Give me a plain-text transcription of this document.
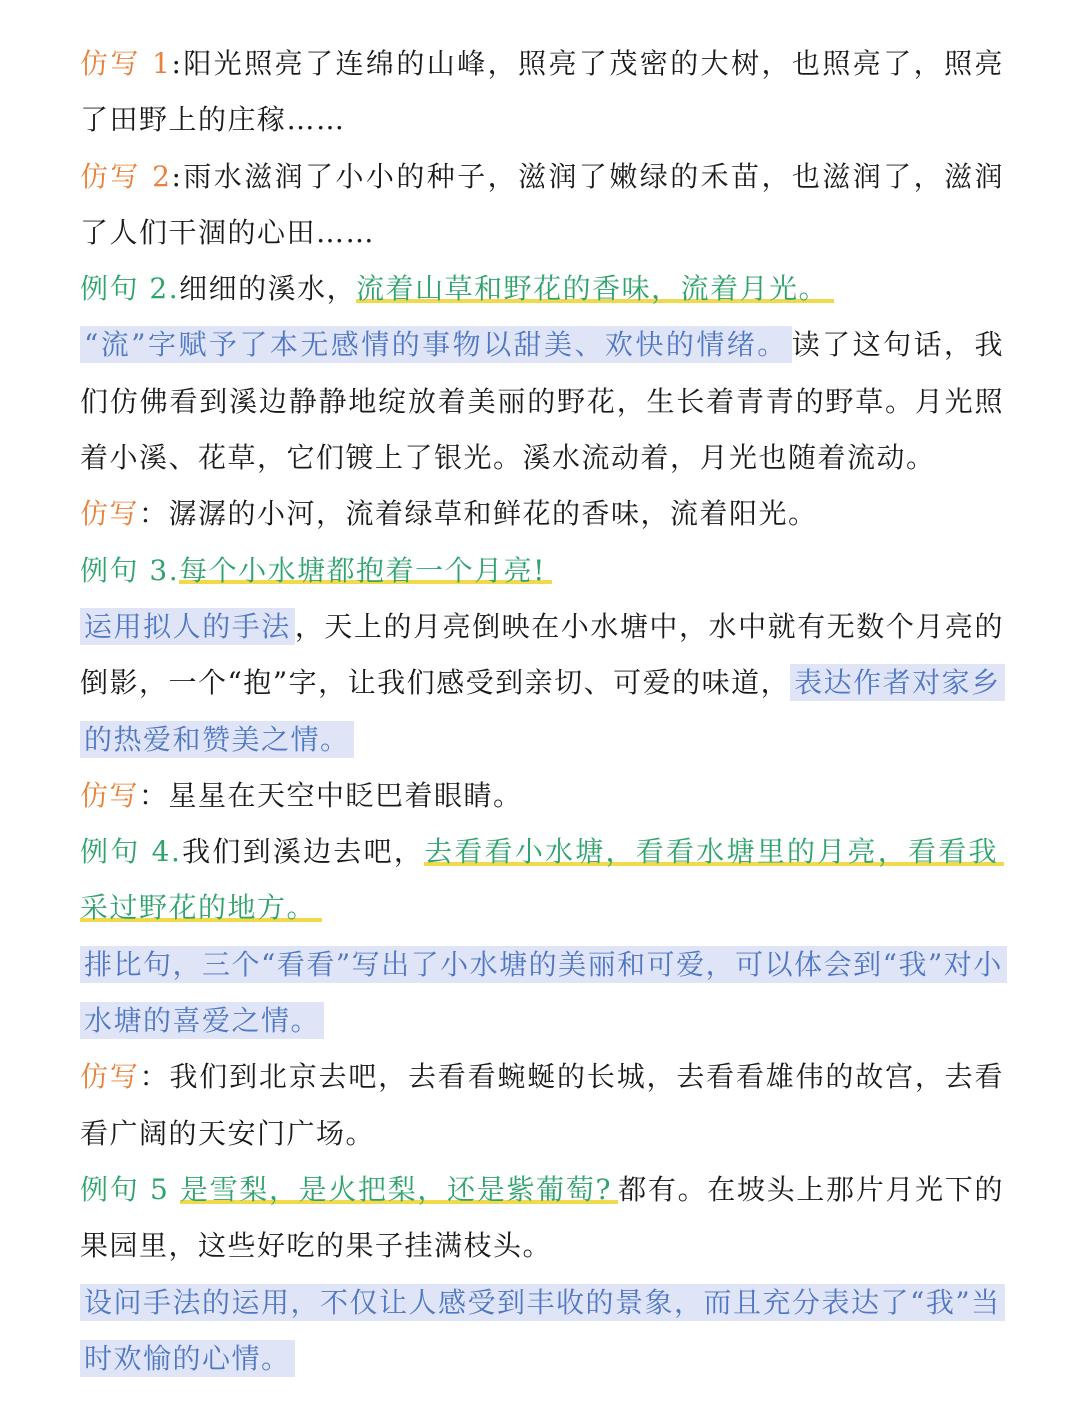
仿写 1:阳光照亮了连绵的山峰，照亮了茂密的大树，也照亮了，照亮了田野上的庄稼……

仿写 2:雨水滋润了小小的种子，滋润了嫩绿的禾苗，也滋润了，滋润了人们干涸的心田……

例句 2.细细的溪水，流着山草和野花的香味，流着月光。

“流”字赋予了本无感情的事物以甜美、欢快的情绪。 读了这句话，我们仿佛看到溪边静静地绽放着美丽的野花，生长着青青的野草。月光照着小溪、花草，它们镀上了银光。溪水流动着，月光也随着流动。

仿写：潺潺的小河，流着绿草和鲜花的香味，流着阳光。

例句 3.每个小水塘都抱着一个月亮!

运用拟人的手法 ，天上的月亮倒映在小水塘中，水中就有无数个月亮的倒影，一个“抱”字，让我们感受到亲切、可爱的味道， 表达作者对家乡的热爱和赞美之情。

仿写：星星在天空中眨巴着眼睛。

例句 4.我们到溪边去吧，去看看小水塘，看看水塘里的月亮，看看我采过野花的地方。

排比句，三个“看看”写出了小水塘的美丽和可爱，可以体会到“我”对小水塘的喜爱之情。

仿写：我们到北京去吧，去看看蜿蜒的长城，去看看雄伟的故宫，去看看广阔的天安门广场。

例句 5 是雪梨，是火把梨，还是紫葡萄? 都有。在坡头上那片月光下的果园里，这些好吃的果子挂满枝头。

设问手法的运用，不仅让人感受到丰收的景象，而且充分表达了“我”当时欢愉的心情。
